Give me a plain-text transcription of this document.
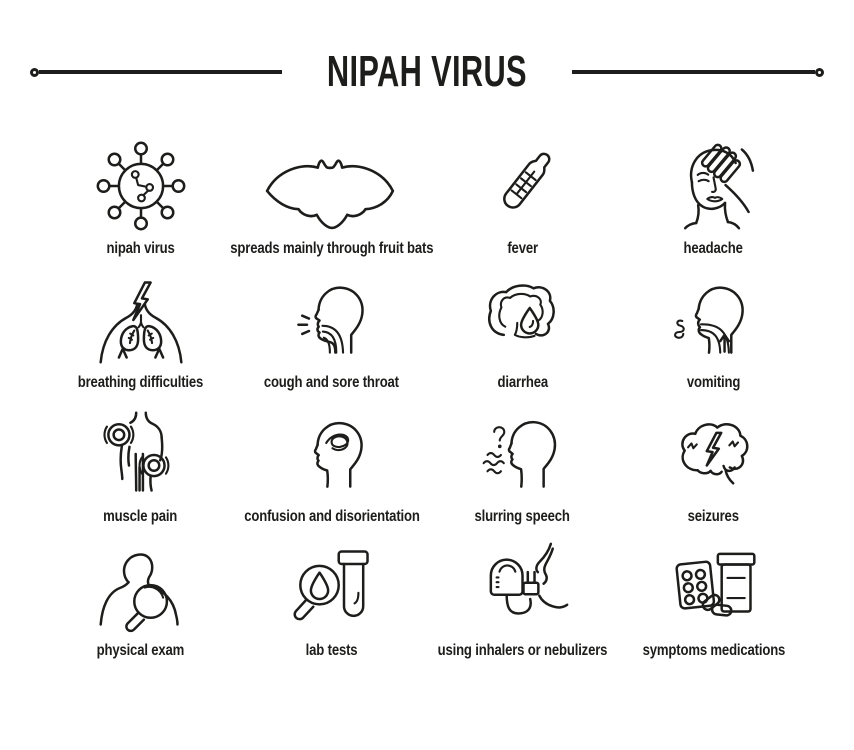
NIPAH VIRUS
nipah virus	spreads mainly through fruit bats	fever	headache
breathing difficulties	cough and sore throat	diarrhea	vomiting
muscle pain	confusion and disorientation	slurring speech	seizures
physical exam	lab tests	using inhalers or nebulizers symptoms medications
